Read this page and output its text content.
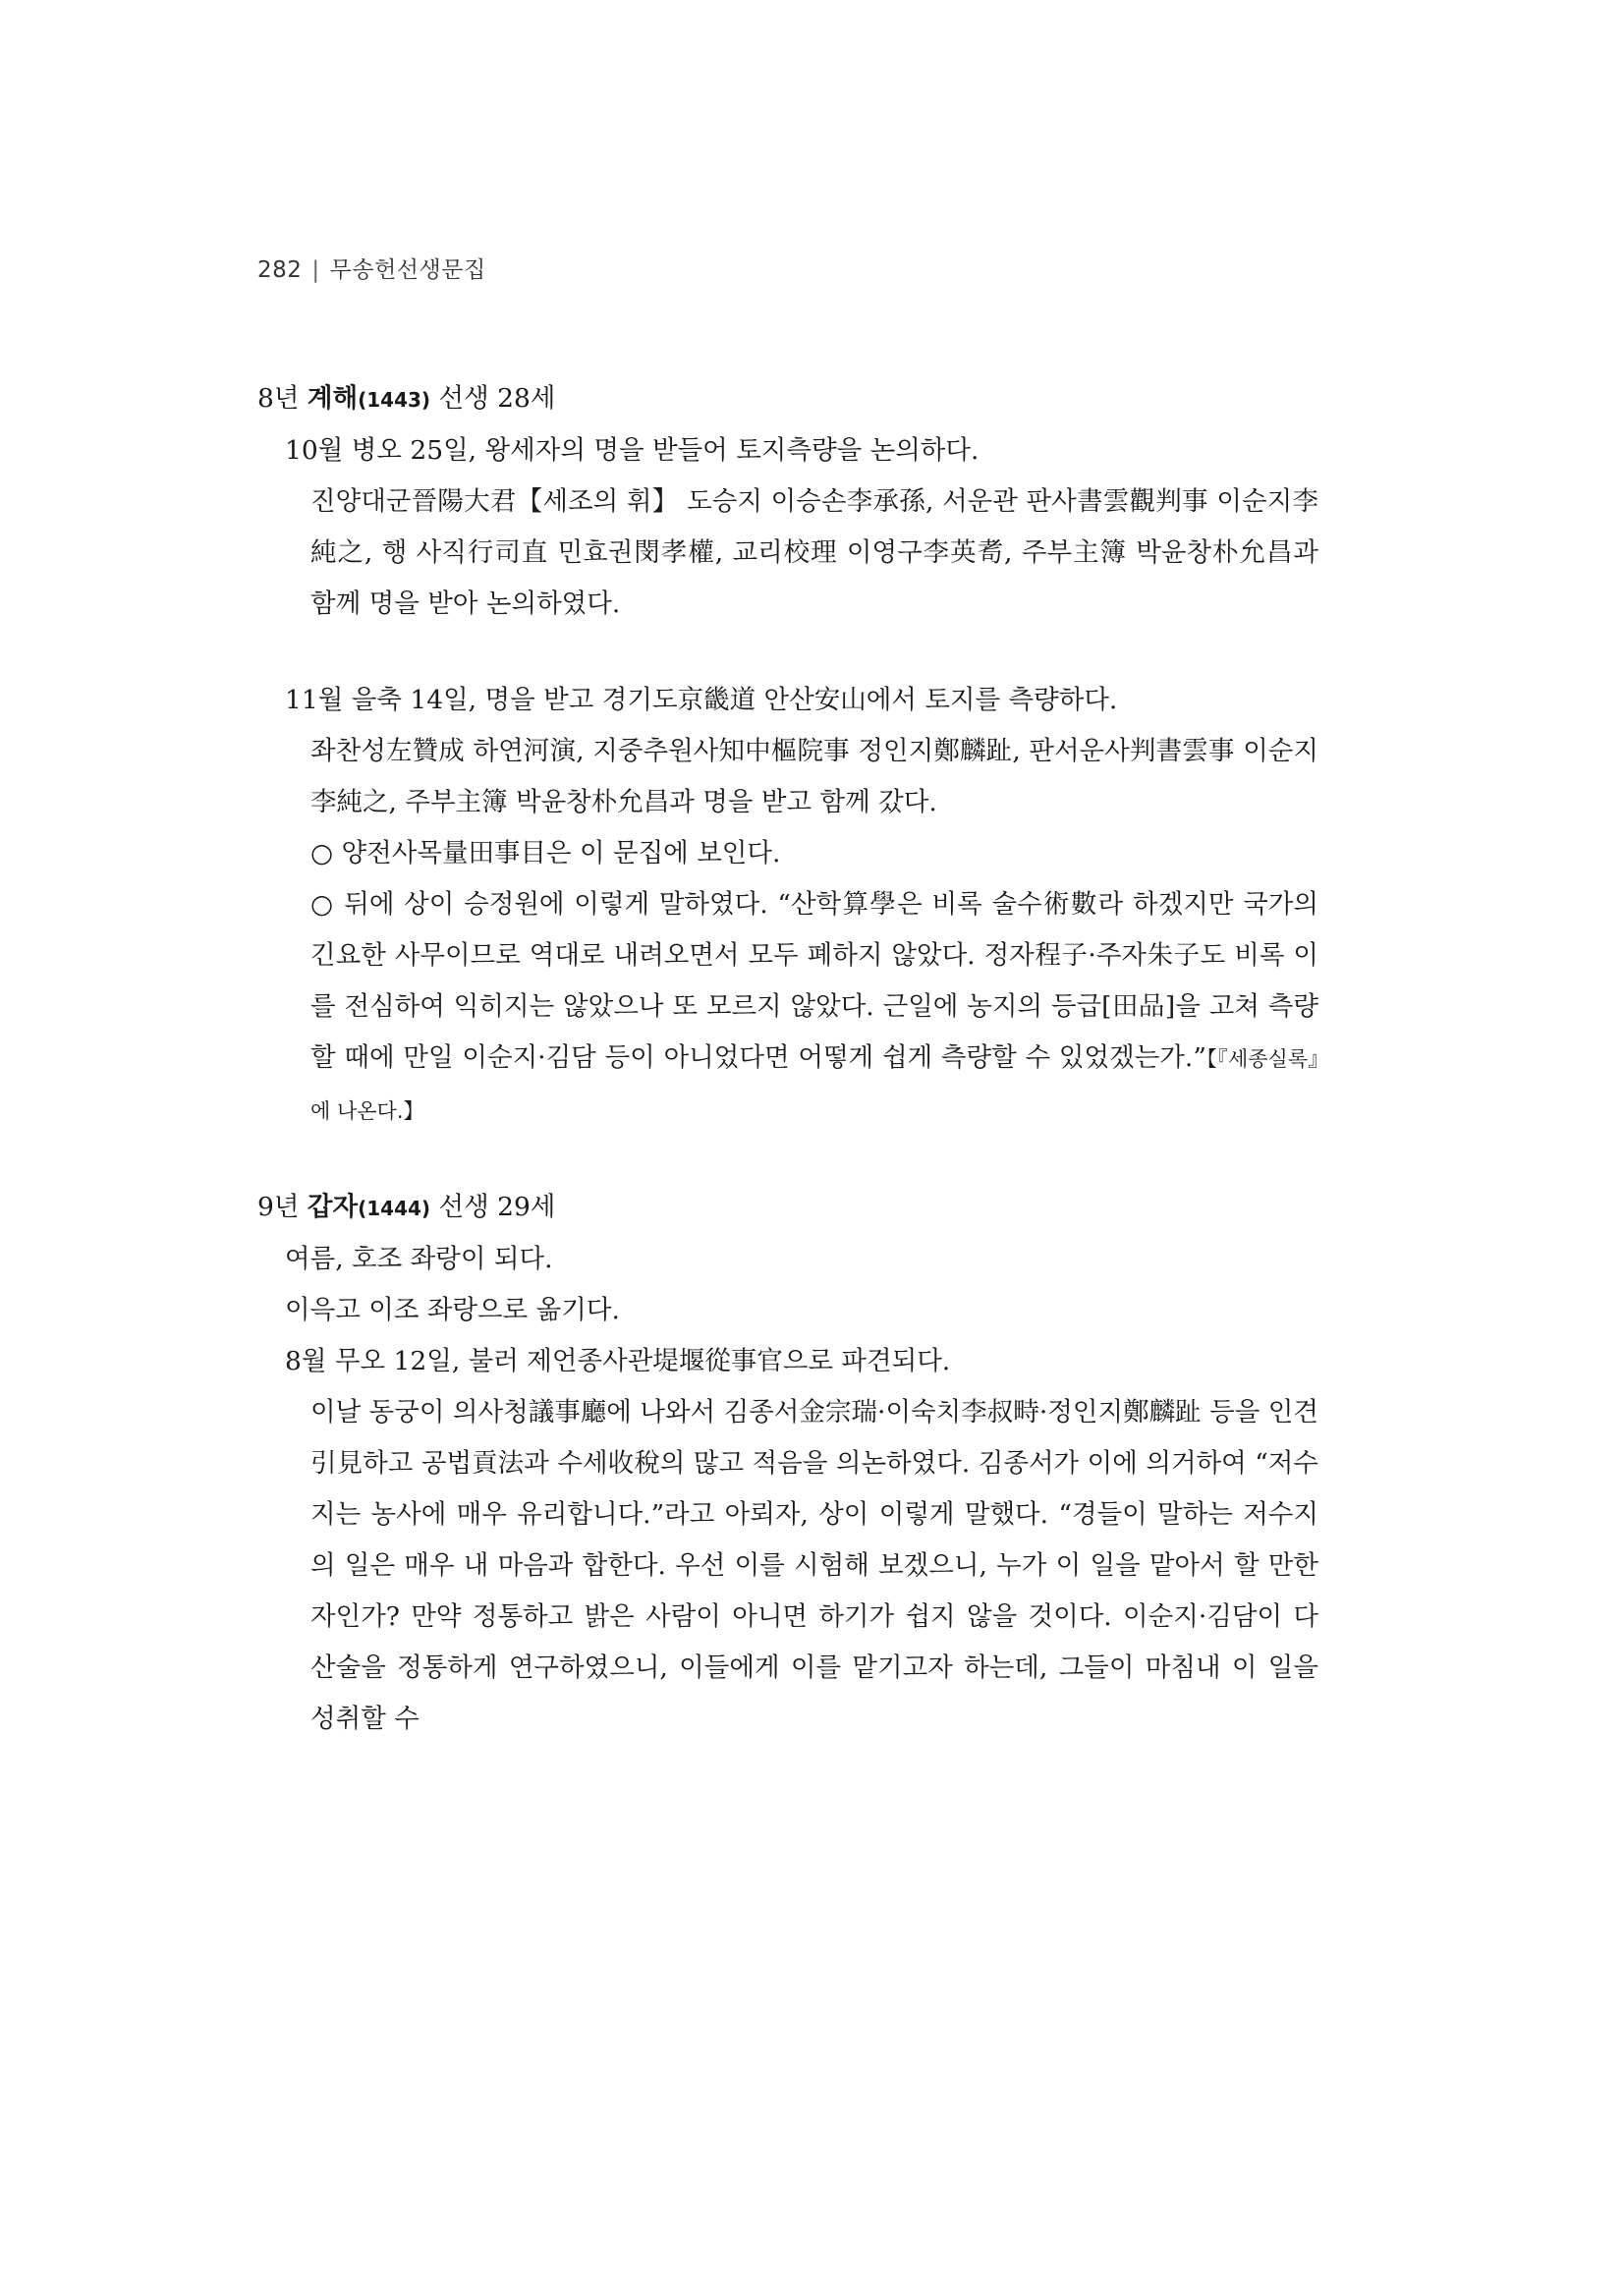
282 | 무송헌선생문집

8년 계해(1443) 선생 28세

10월 병오 25일, 왕세자의 명을 받들어 토지측량을 논의하다.

진양대군晉陽大君【세조의 휘】 도승지 이승손李承孫, 서운관 판사書雲觀判事 이순지李純之, 행 사직行司直 민효권閔孝權, 교리校理 이영구李英耉, 주부主簿 박윤창朴允昌과 함께 명을 받아 논의하였다.

11월 을축 14일, 명을 받고 경기도京畿道 안산安山에서 토지를 측량하다.

좌찬성左贊成 하연河演, 지중추원사知中樞院事 정인지鄭麟趾, 판서운사判書雲事 이순지李純之, 주부主簿 박윤창朴允昌과 명을 받고 함께 갔다.

○ 양전사목量田事目은 이 문집에 보인다.

○ 뒤에 상이 승정원에 이렇게 말하였다. “산학算學은 비록 술수術數라 하겠지만 국가의 긴요한 사무이므로 역대로 내려오면서 모두 폐하지 않았다. 정자程子·주자朱子도 비록 이를 전심하여 익히지는 않았으나 또 모르지 않았다. 근일에 농지의 등급[田品]을 고쳐 측량할 때에 만일 이순지·김담 등이 아니었다면 어떻게 쉽게 측량할 수 있었겠는가.”【『세종실록』에 나온다.】

9년 갑자(1444) 선생 29세

여름, 호조 좌랑이 되다.

이윽고 이조 좌랑으로 옮기다.

8월 무오 12일, 불러 제언종사관堤堰從事官으로 파견되다.

이날 동궁이 의사청議事廳에 나와서 김종서金宗瑞·이숙치李叔畤·정인지鄭麟趾 등을 인견引見하고 공법貢法과 수세收稅의 많고 적음을 의논하였다. 김종서가 이에 의거하여 “저수지는 농사에 매우 유리합니다.”라고 아뢰자, 상이 이렇게 말했다. “경들이 말하는 저수지의 일은 매우 내 마음과 합한다. 우선 이를 시험해 보겠으니, 누가 이 일을 맡아서 할 만한 자인가? 만약 정통하고 밝은 사람이 아니면 하기가 쉽지 않을 것이다. 이순지·김담이 다 산술을 정통하게 연구하였으니, 이들에게 이를 맡기고자 하는데, 그들이 마침내 이 일을 성취할 수
